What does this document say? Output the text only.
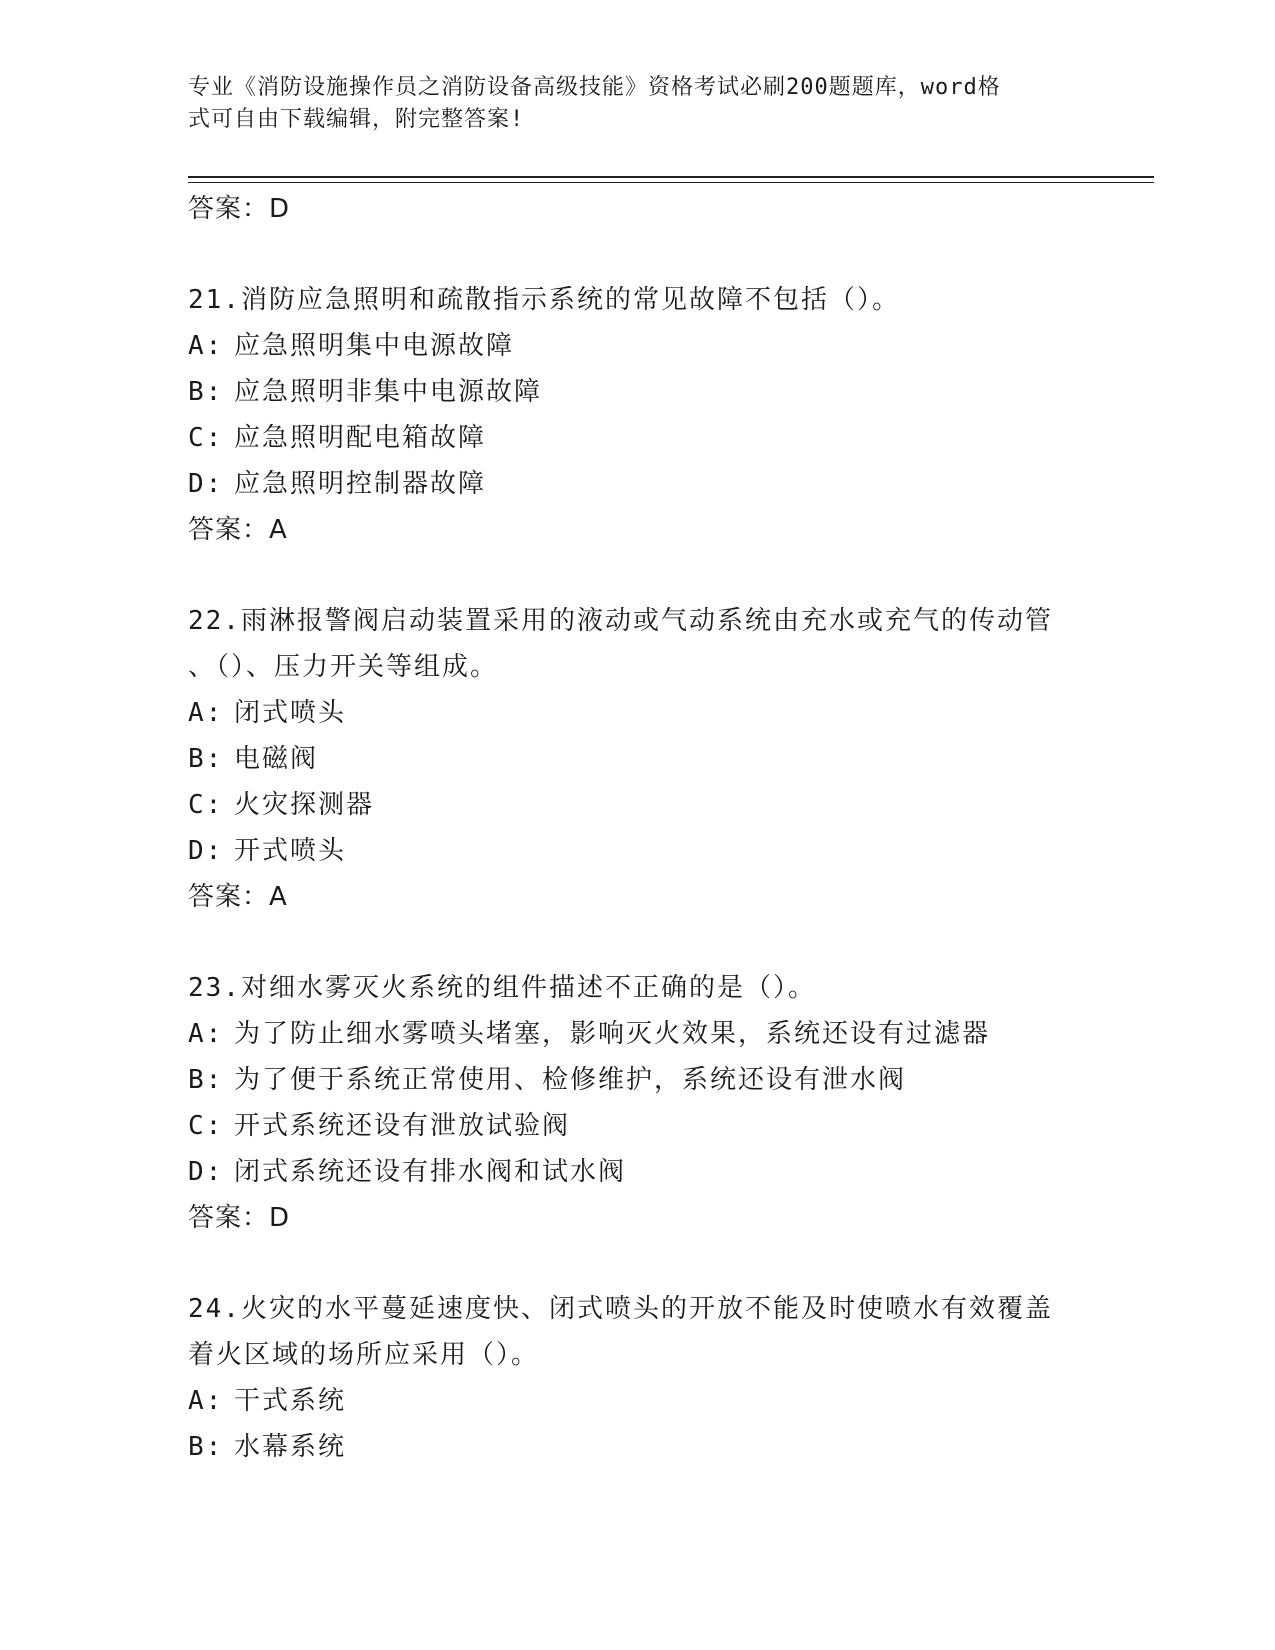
专业《消防设施操作员之消防设备高级技能》资格考试必刷200题题库，word格
式可自由下载编辑，附完整答案!
答案：D
21.消防应急照明和疏散指示系统的常见故障不包括（）。
A: 应急照明集中电源故障
B: 应急照明非集中电源故障
C: 应急照明配电箱故障
D: 应急照明控制器故障
答案：A
22.雨淋报警阀启动装置采用的液动或气动系统由充水或充气的传动管
、（）、压力开关等组成。
A: 闭式喷头
B: 电磁阀
C: 火灾探测器
D: 开式喷头
答案：A
23.对细水雾灭火系统的组件描述不正确的是（）。
A: 为了防止细水雾喷头堵塞，影响灭火效果，系统还设有过滤器
B: 为了便于系统正常使用、检修维护，系统还设有泄水阀
C: 开式系统还设有泄放试验阀
D: 闭式系统还设有排水阀和试水阀
答案：D
24.火灾的水平蔓延速度快、闭式喷头的开放不能及时使喷水有效覆盖
着火区域的场所应采用（）。
A: 干式系统
B: 水幕系统
